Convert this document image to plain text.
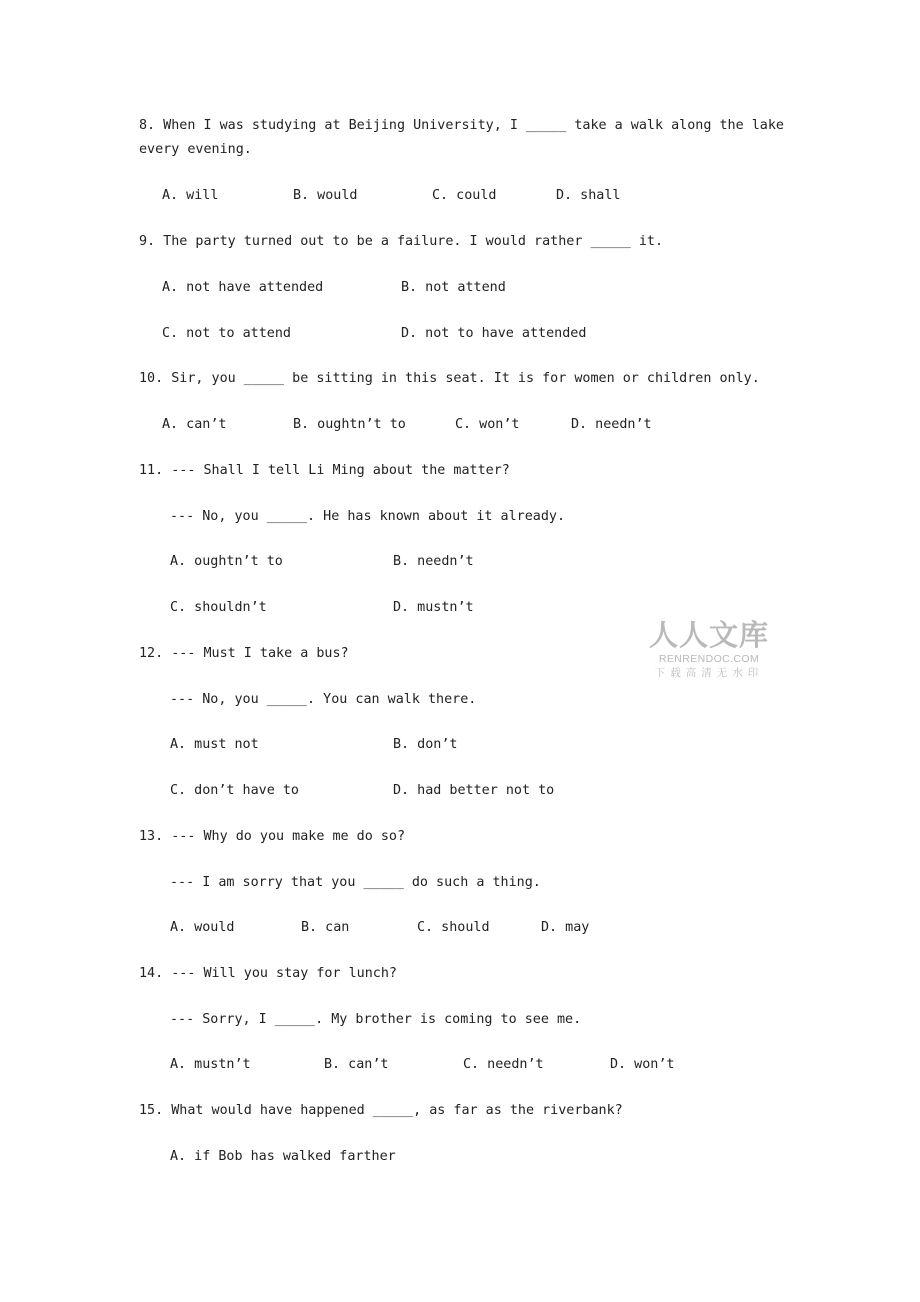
8. When I was studying at Beijing University, I _____ take a walk along the lake
every evening.
A. will	B. would	C. could	D. shall
9. The party turned out to be a failure. I would rather _____ it.
A. not have attended	B. not attend
C. not to attend	D. not to have attended
10. Sir, you _____ be sitting in this seat. It is for women or children only.
A. can’t	B. oughtn’t to	C. won’t	D. needn’t
11. --- Shall I tell Li Ming about the matter?
--- No, you _____. He has known about it already.
A. oughtn’t to	B. needn’t
C. shouldn’t	D. mustn’t
12. --- Must I take a bus?
--- No, you _____. You can walk there.
A. must not	B. don’t
C. don’t have to	D. had better not to
13. --- Why do you make me do so?
--- I am sorry that you _____ do such a thing.
A. would	B. can	C. should	D. may
14. --- Will you stay for lunch?
--- Sorry, I _____. My brother is coming to see me.
A. mustn’t	B. can’t	C. needn’t	D. won’t
15. What would have happened _____, as far as the riverbank?
A. if Bob has walked farther
人人文库
RENRENDOC.COM
下载高清无水印
